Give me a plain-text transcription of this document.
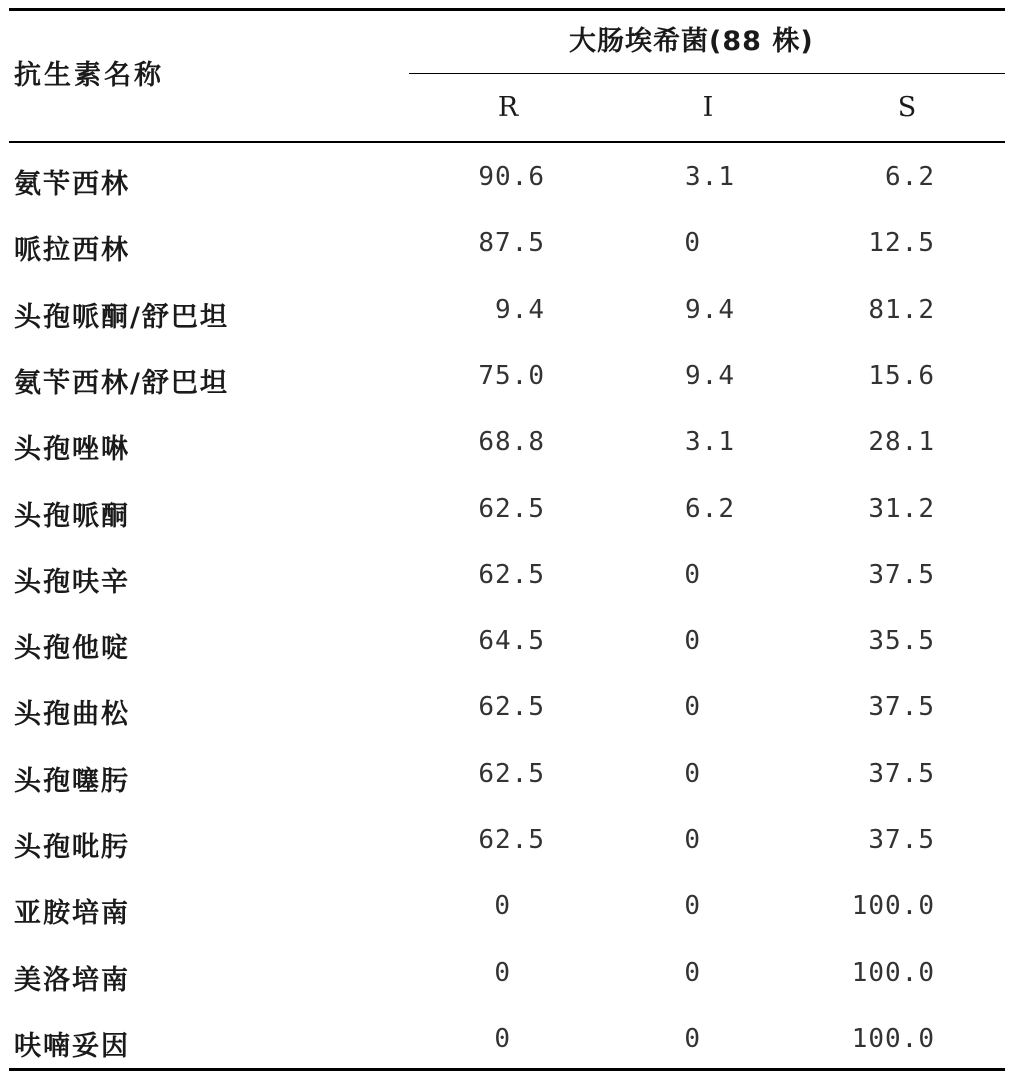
抗生素名称
大肠埃希菌(88 株)
R	I	S
氨苄西林	90.6	3.1	6.2
哌拉西林	87.5	0	12.5
头孢哌酮/舒巴坦	9.4	9.4	81.2
氨苄西林/舒巴坦	75.0	9.4	15.6
头孢唑啉	68.8	3.1	28.1
头孢哌酮	62.5	6.2	31.2
头孢呋辛	62.5	0	37.5
头孢他啶	64.5	0	35.5
头孢曲松	62.5	0	37.5
头孢噻肟	62.5	0	37.5
头孢吡肟	62.5	0	37.5
亚胺培南	0	0	100.0
美洛培南	0	0	100.0
呋喃妥因	0	0	100.0
